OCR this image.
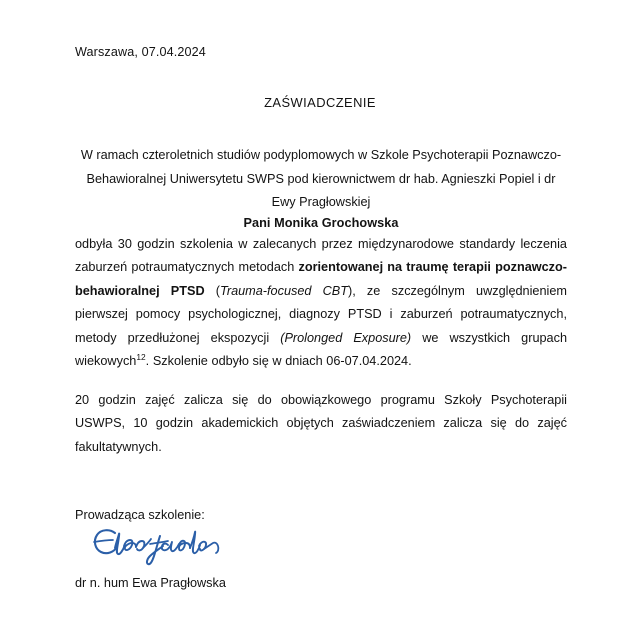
Warszawa, 07.04.2024
ZAŚWIADCZENIE
W ramach czteroletnich studiów podyplomowych w Szkole Psychoterapii Poznawczo-Behawioralnej Uniwersytetu SWPS pod kierownictwem dr hab. Agnieszki Popiel i dr Ewy Pragłowskiej
Pani Monika Grochowska
odbyła 30 godzin szkolenia w zalecanych przez międzynarodowe standardy leczenia zaburzeń potraumatycznych metodach zorientowanej na traumę terapii poznawczo-behawioralnej PTSD (Trauma-focused CBT), ze szczególnym uwzględnieniem pierwszej pomocy psychologicznej, diagnozy PTSD i zaburzeń potraumatycznych, metody przedłużonej ekspozycji (Prolonged Exposure) we wszystkich grupach wiekowych$^{12}$. Szkolenie odbyło się w dniach 06-07.04.2024.
20 godzin zajęć zalicza się do obowiązkowego programu Szkoły Psychoterapii USWPS, 10 godzin akademickich objętych zaświadczeniem zalicza się do zajęć fakultatywnych.
Prowadząca szkolenie:
dr n. hum Ewa Pragłowska
